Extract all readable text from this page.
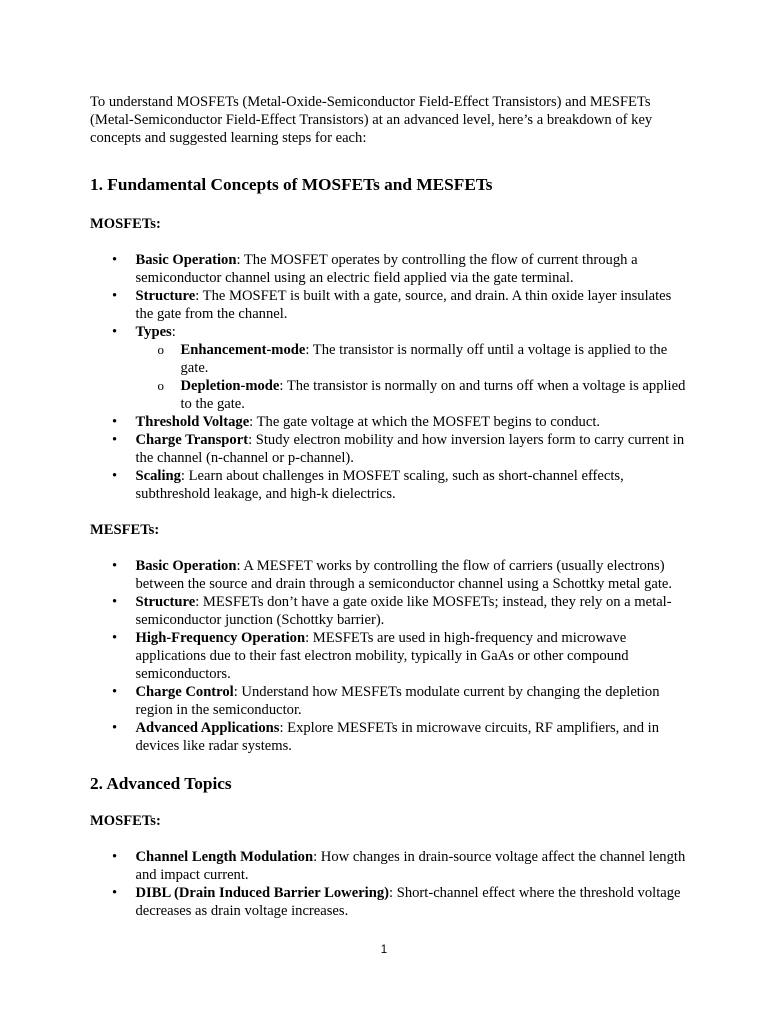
To understand MOSFETs (Metal-Oxide-Semiconductor Field-Effect Transistors) and MESFETs (Metal-Semiconductor Field-Effect Transistors) at an advanced level, here’s a breakdown of key concepts and suggested learning steps for each:

1. Fundamental Concepts of MOSFETs and MESFETs
MOSFETs:
• Basic Operation: The MOSFET operates by controlling the flow of current through a semiconductor channel using an electric field applied via the gate terminal.
• Structure: The MOSFET is built with a gate, source, and drain. A thin oxide layer insulates the gate from the channel.
• Types:
o Enhancement-mode: The transistor is normally off until a voltage is applied to the gate.
o Depletion-mode: The transistor is normally on and turns off when a voltage is applied to the gate.
• Threshold Voltage: The gate voltage at which the MOSFET begins to conduct.
• Charge Transport: Study electron mobility and how inversion layers form to carry current in the channel (n-channel or p-channel).
• Scaling: Learn about challenges in MOSFET scaling, such as short-channel effects, subthreshold leakage, and high-k dielectrics.
MESFETs:
• Basic Operation: A MESFET works by controlling the flow of carriers (usually electrons) between the source and drain through a semiconductor channel using a Schottky metal gate.
• Structure: MESFETs don’t have a gate oxide like MOSFETs; instead, they rely on a metal-semiconductor junction (Schottky barrier).
• High-Frequency Operation: MESFETs are used in high-frequency and microwave applications due to their fast electron mobility, typically in GaAs or other compound semiconductors.
• Charge Control: Understand how MESFETs modulate current by changing the depletion region in the semiconductor.
• Advanced Applications: Explore MESFETs in microwave circuits, RF amplifiers, and in devices like radar systems.
2. Advanced Topics
MOSFETs:
• Channel Length Modulation: How changes in drain-source voltage affect the channel length and impact current.
• DIBL (Drain Induced Barrier Lowering): Short-channel effect where the threshold voltage decreases as drain voltage increases.
1
